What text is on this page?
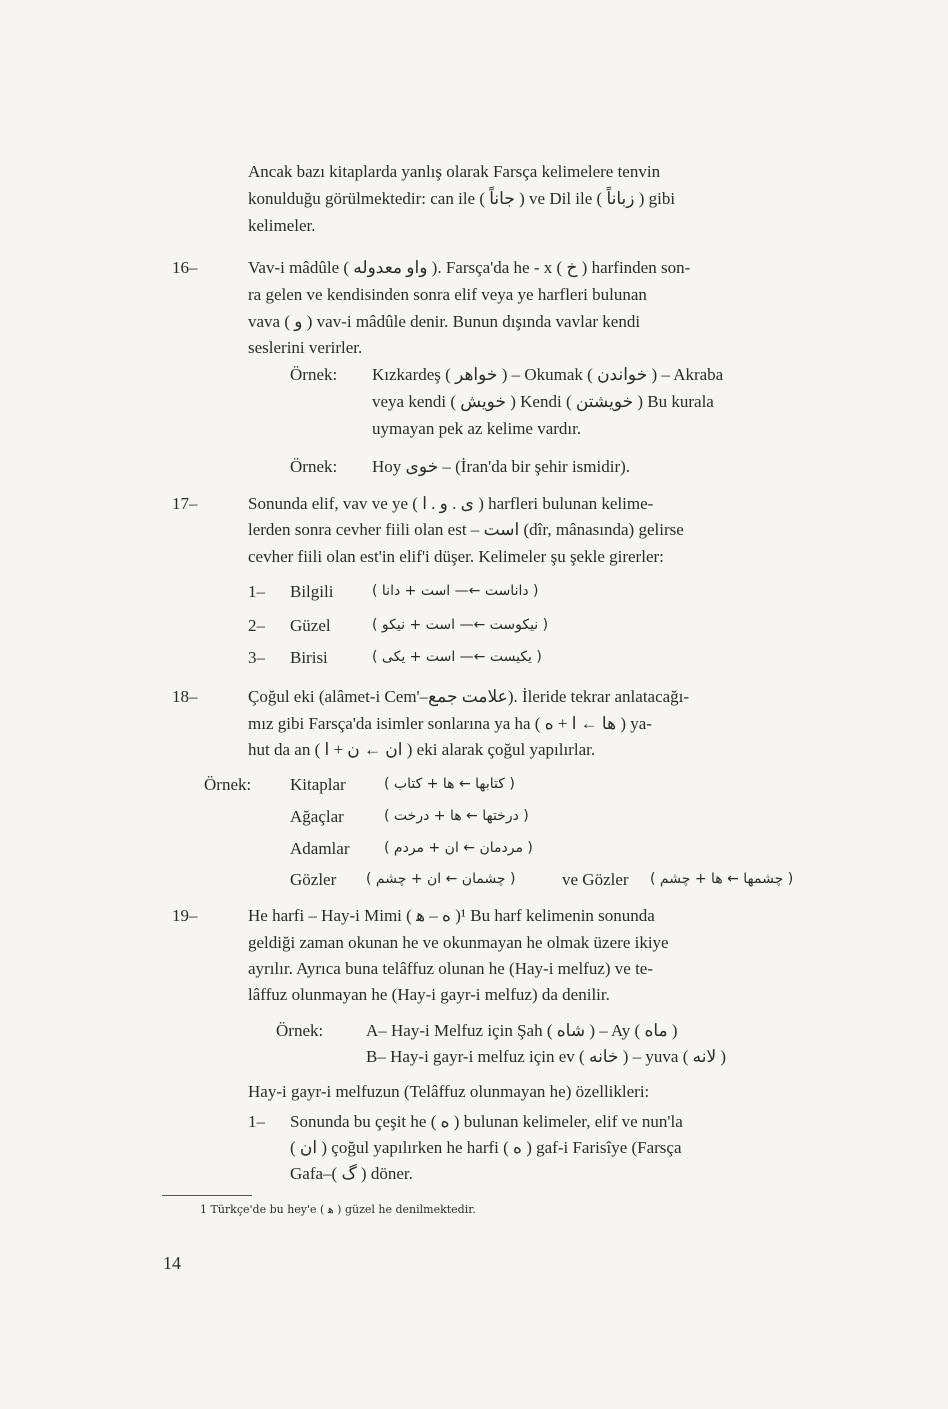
Ancak bazı kitaplarda yanlış olarak Farsça kelimelere tenvin

konulduğu görülmektedir: can ile ( جاناً ) ve Dil ile ( زباناً ) gibi

kelimeler.

16–	Vav-i mâdûle ( واو معدوله ). Farsça'da he - x ( خ ) harfinden son-

ra gelen ve kendisinden sonra elif veya ye harfleri bulunan

vava ( و ) vav-i mâdûle denir. Bunun dışında vavlar kendi

seslerini verirler.

Örnek: Kızkardeş ( خواهر ) – Okumak ( خواندن ) – Akraba
veya kendi ( خویش ) Kendi ( خویشتن ) Bu kurala
uymayan pek az kelime vardır.
Örnek: Hoy خوی – (İran'da bir şehir ismidir).
17–	Sonunda elif, vav ve ye ( ی . و . ا ) harfleri bulunan kelime-

lerden sonra cevher fiili olan est – است (dîr, mânasında) gelirse

cevher fiili olan est'in elif'i düşer. Kelimeler şu şekle girerler:

1– Bilgili	( داناست ←— است + دانا )
2– Güzel	( نیکوست ←— است + نیکو )
3– Birisi	( یکیست ←— است + یکی )
18–	Çoğul eki (alâmet-i Cem'–علامت جمع). İleride tekrar anlatacağı-

mız gibi Farsça'da isimler sonlarına ya ha ( ها ← ا + ه ) ya-

hut da an ( ان ← ن + ا ) eki alarak çoğul yapılırlar.

Örnek: Kitaplar	( کتابها ← ها + کتاب )
Ağaçlar	( درختها ← ها + درخت )
Adamlar ( مردمان ← ان + مردم )
Gözler ( چشمان ← ان + چشم )	ve Gözler ( چشمها ← ها + چشم )
19–	He harfi – Hay-i Mimi ( ه – ﻫ )¹ Bu harf kelimenin sonunda

geldiği zaman okunan he ve okunmayan he olmak üzere ikiye

ayrılır. Ayrıca buna telâffuz olunan he (Hay-i melfuz) ve te-

lâffuz olunmayan he (Hay-i gayr-i melfuz) da denilir.

Örnek:	A– Hay-i Melfuz için Şah ( شاه ) – Ay ( ماه )
B– Hay-i gayr-i melfuz için ev ( خانه ) – yuva ( لانه )

Hay-i gayr-i melfuzun (Telâffuz olunmayan he) özellikleri:

1– Sonunda bu çeşit he ( ه ) bulunan kelimeler, elif ve nun'la

( ان ) çoğul yapılırken he harfi ( ه ) gaf-i Farisîye (Farsça

Gafa–( گ ) döner.

1 Türkçe'de bu hey'e ( ﻫ ) güzel he denilmektedir.
14
